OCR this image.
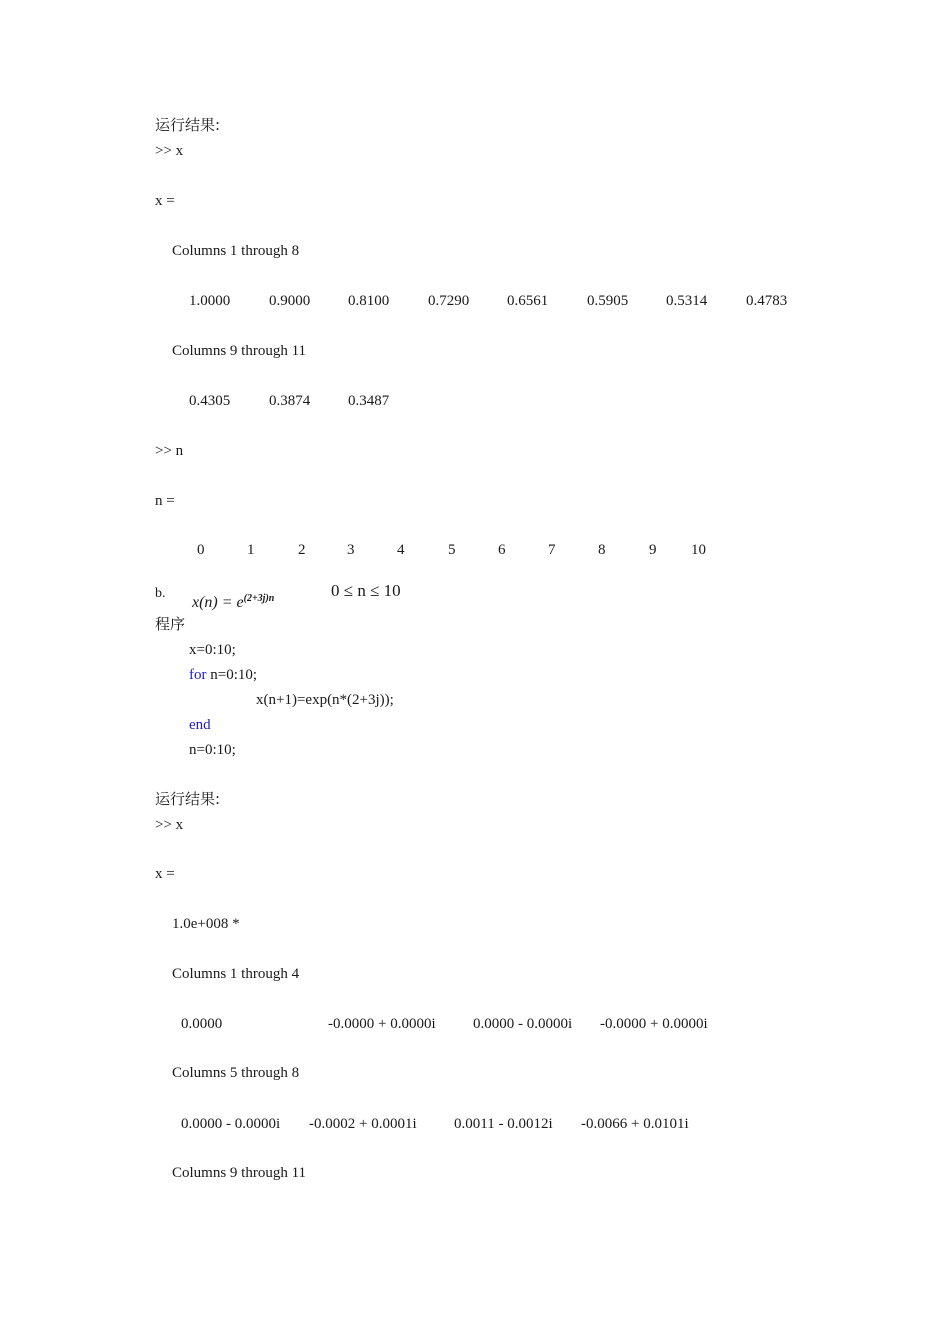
运行结果:
>> x
x =
Columns 1 through 8
1.0000	0.9000	0.8100	0.7290	0.6561	0.5905	0.5314	0.4783
Columns 9 through 11
0.4305	0.3874	0.3487
>> n
n =
0	1	2	3	4	5	6	7	8	9 10
b.

$x(n) = e^{(2+3j)n}$	0 ≤ n ≤ 10
程序
x=0:10;
for n=0:10;
x(n+1)=exp(n*(2+3j));
end
n=0:10;
运行结果:
>> x
x =
1.0e+008 *
Columns 1 through 4
0.0000	-0.0000 + 0.0000i 0.0000 - 0.0000i -0.0000 + 0.0000i
Columns 5 through 8
0.0000 - 0.0000i -0.0002 + 0.0001i 0.0011 - 0.0012i -0.0066 + 0.0101i
Columns 9 through 11
